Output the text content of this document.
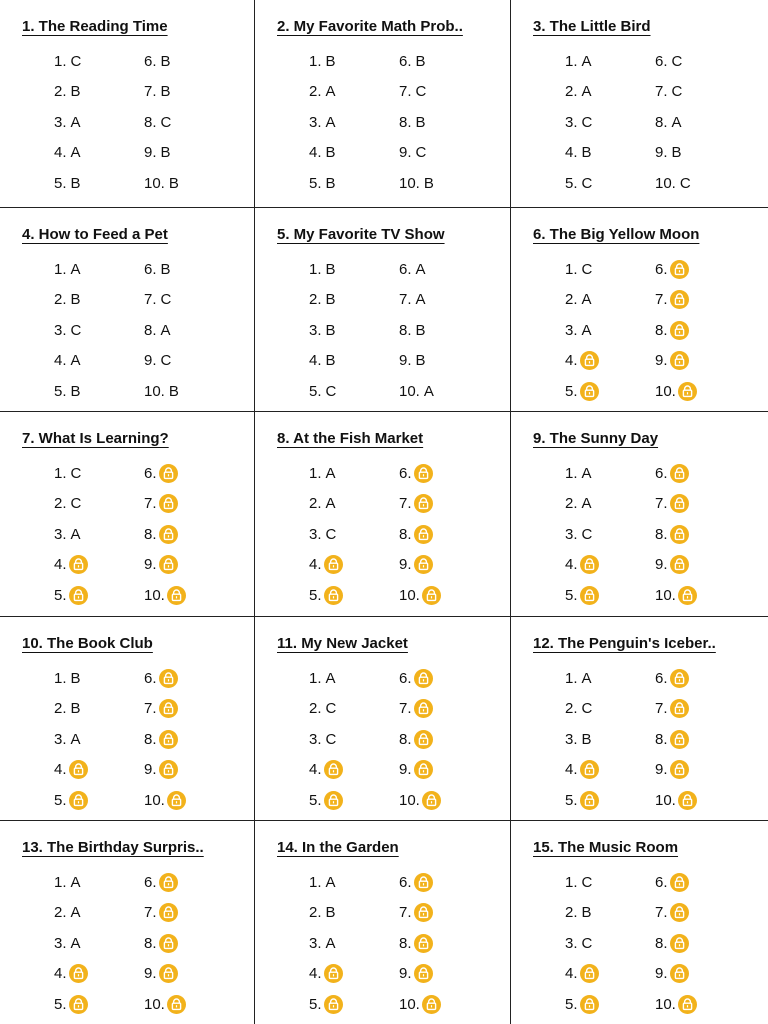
1. The Reading Time
1. C
2. B
3. A
4. A
5. B
6. B
7. B
8. C
9. B
10. B
2. My Favorite Math Prob..
1. B
2. A
3. A
4. B
5. B
6. B
7. C
8. B
9. C
10. B
3. The Little Bird
1. A
2. A
3. C
4. B
5. C
6. C
7. C
8. A
9. B
10. C
4. How to Feed a Pet
1. A
2. B
3. C
4. A
5. B
6. B
7. C
8. A
9. C
10. B
5. My Favorite TV Show
1. B
2. B
3. B
4. B
5. C
6. A
7. A
8. B
9. B
10. A
6. The Big Yellow Moon
1. C
2. A
3. A
4.
5.
6.
7.
8.
9.
10.
7. What Is Learning?
1. C
2. C
3. A
4.
5.
6.
7.
8.
9.
10.
8. At the Fish Market
1. A
2. A
3. C
4.
5.
6.
7.
8.
9.
10.
9. The Sunny Day
1. A
2. A
3. C
4.
5.
6.
7.
8.
9.
10.
10. The Book Club
1. B
2. B
3. A
4.
5.
6.
7.
8.
9.
10.
11. My New Jacket
1. A
2. C
3. C
4.
5.
6.
7.
8.
9.
10.
12. The Penguin's Iceber..
1. A
2. C
3. B
4.
5.
6.
7.
8.
9.
10.
13. The Birthday Surpris..
1. A
2. A
3. A
4.
5.
6.
7.
8.
9.
10.
14. In the Garden
1. A
2. B
3. A
4.
5.
6.
7.
8.
9.
10.
15. The Music Room
1. C
2. B
3. C
4.
5.
6.
7.
8.
9.
10.
